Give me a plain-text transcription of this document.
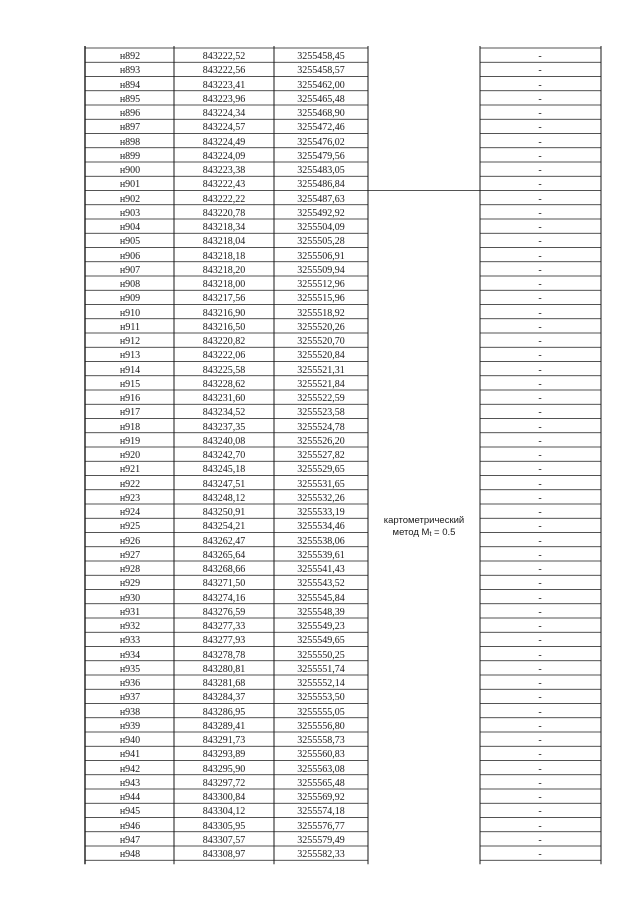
н892	843222,52	3255458,45	-
н893	843222,56	3255458,57	-
н894	843223,41	3255462,00	-
н895	843223,96	3255465,48	-
н896	843224,34	3255468,90	-
н897	843224,57	3255472,46	-
н898	843224,49	3255476,02	-
н899	843224,09	3255479,56	-
н900	843223,38	3255483,05	-
н901	843222,43	3255486,84	-
н902	843222,22	3255487,63	-
н903	843220,78	3255492,92	-
н904	843218,34	3255504,09	-
н905	843218,04	3255505,28	-
н906	843218,18	3255506,91	-
н907	843218,20	3255509,94	-
н908	843218,00	3255512,96	-
н909	843217,56	3255515,96	-
н910	843216,90	3255518,92	-
н911	843216,50	3255520,26	-
н912	843220,82	3255520,70	-
н913	843222,06	3255520,84	-
н914	843225,58	3255521,31	-
н915	843228,62	3255521,84	-
н916	843231,60	3255522,59	-
н917	843234,52	3255523,58	-
н918	843237,35	3255524,78	-
н919	843240,08	3255526,20	-
н920	843242,70	3255527,82	-
н921	843245,18	3255529,65	-
н922	843247,51	3255531,65	-
н923	843248,12	3255532,26	-
н924	843250,91	3255533,19	-
н925	843254,21	3255534,46	-
н926	843262,47	3255538,06	-
н927	843265,64	3255539,61	-
н928	843268,66	3255541,43	-
н929	843271,50	3255543,52	-
н930	843274,16	3255545,84	-
н931	843276,59	3255548,39	-
н932	843277,33	3255549,23	-
н933	843277,93	3255549,65	-
н934	843278,78	3255550,25	-
н935	843280,81	3255551,74	-
н936	843281,68	3255552,14	-
н937	843284,37	3255553,50	-
н938	843286,95	3255555,05	-
н939	843289,41	3255556,80	-
н940	843291,73	3255558,73	-
н941	843293,89	3255560,83	-
н942	843295,90	3255563,08	-
н943	843297,72	3255565,48	-
н944	843300,84	3255569,92	-
н945	843304,12	3255574,18	-
н946	843305,95	3255576,77	-
н947	843307,57	3255579,49	-
н948	843308,97	3255582,33	-
картометрический
метод Mt = 0.5
